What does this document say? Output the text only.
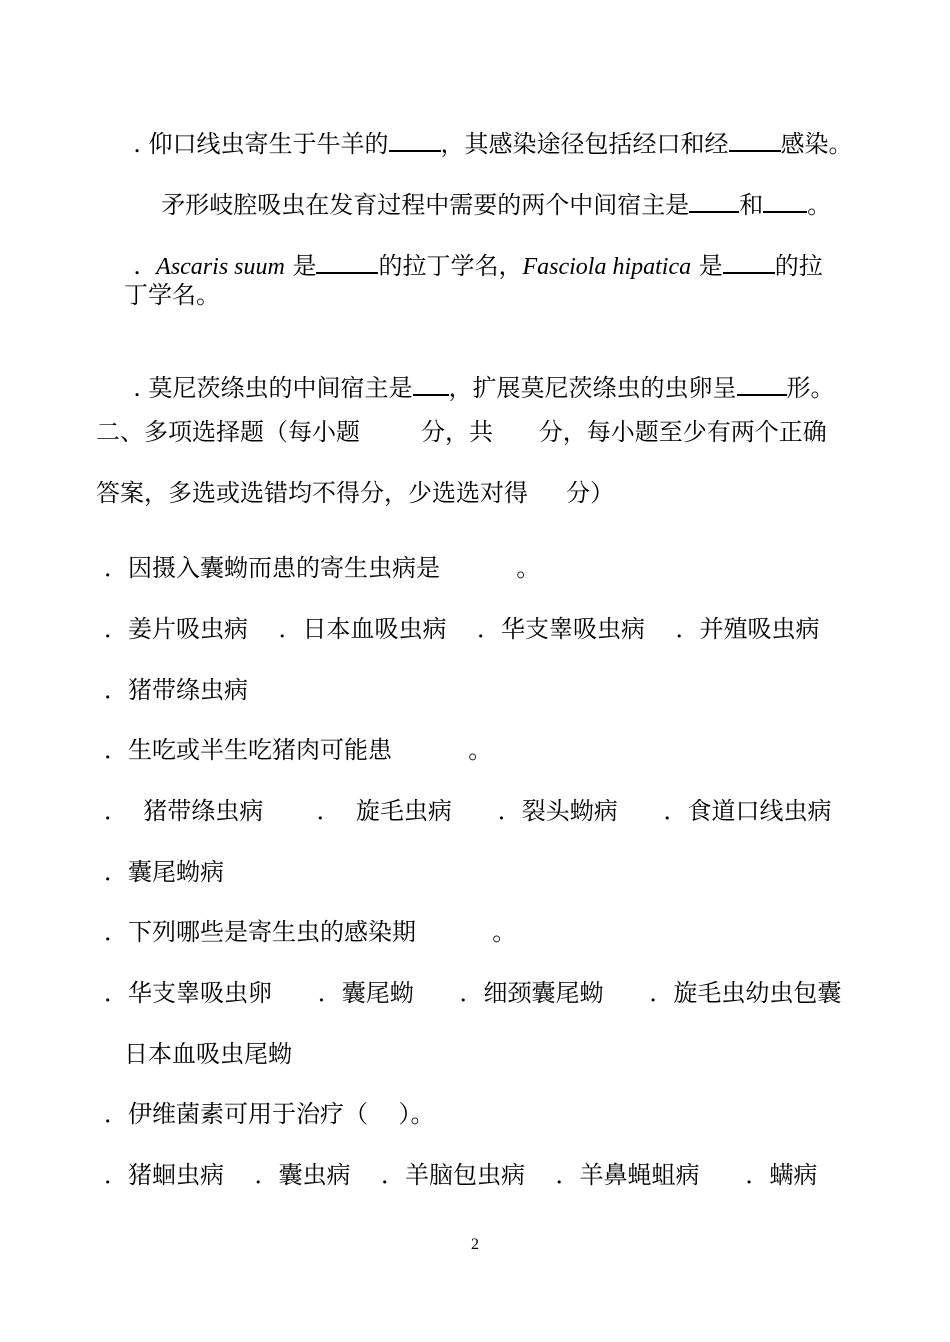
. 仰口线虫寄生于牛羊的 ，其感染途径包括经口和经 感染。

矛形岐腔吸虫在发育过程中需要的两个中间宿主是 和 。

.  Ascaris suum 是	的拉丁学名，Fasciola hipatica 是 的拉

丁学名。

. 莫尼茨绦虫的中间宿主是 ，扩展莫尼茨绦虫的虫卵呈 形。

二、多项选择题（每小题        分，共      分，每小题至少有两个正确
答案，多选或选错均不得分，少选选对得     分）
．因摄入囊蚴而患的寄生虫病是          。
．姜片吸虫病    ．日本血吸虫病    ．华支睾吸虫病    ．并殖吸虫病
．猪带绦虫病
．生吃或半生吃猪肉可能患          。
．  猪带绦虫病       ．  旋毛虫病      ．裂头蚴病      ．食道口线虫病
．囊尾蚴病
．下列哪些是寄生虫的感染期          。
．华支睾吸虫卵      ．囊尾蚴      ．细颈囊尾蚴      ．旋毛虫幼虫包囊
日本血吸虫尾蚴
．伊维菌素可用于治疗（    ）。
．猪蛔虫病    ．囊虫病    ．羊脑包虫病    ．羊鼻蝇蛆病      ．螨病
2
